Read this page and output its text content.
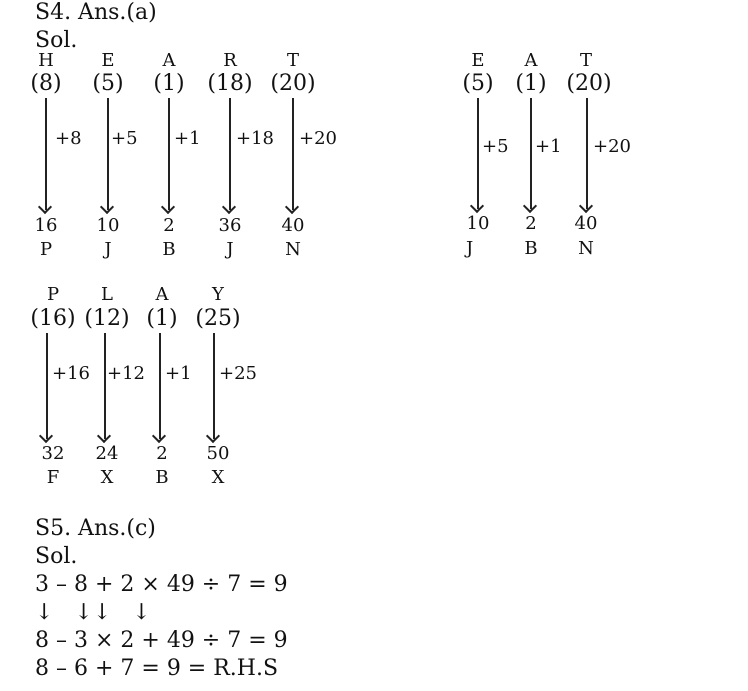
S4. Ans.(a)
Sol.
H	E	A	R	T
(8) (5) (1) (18) (20)
+8 +5 +1 +18 +20
16 10 2 36 40
P	J	B	J	N
E A T
(5) (1) (20)
+5 +1 +20
10 2 40
J	B N
P L A Y
(16) (12) (1) (25)
+16 +12 +1 +25
32 24 2 50
F X B X
S5. Ans.(c)
Sol.
3 – 8 + 2 × 49 ÷ 7 = 9
↓   ↓↓   ↓
8 – 3 × 2 + 49 ÷ 7 = 9
8 – 6 + 7 = 9 = R.H.S
